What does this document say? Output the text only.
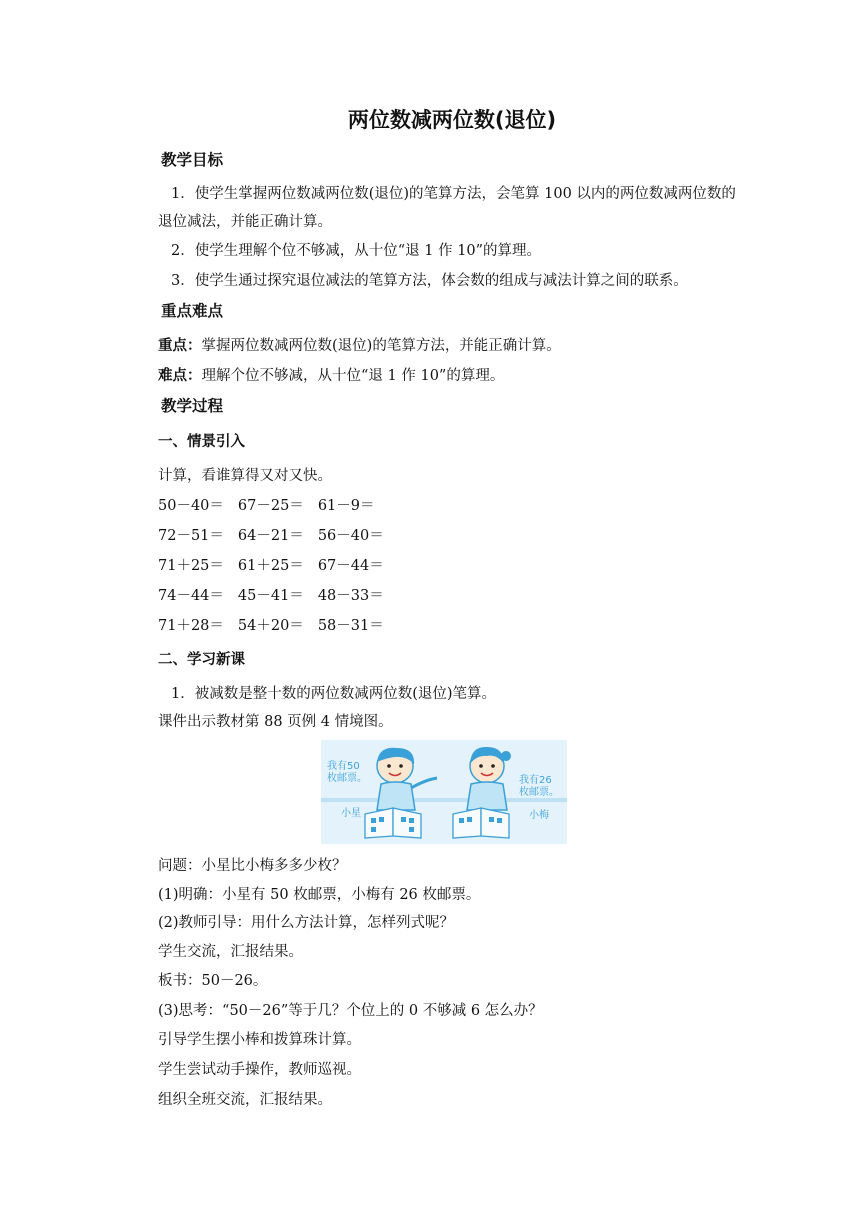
两位数减两位数(退位)
教学目标
1．使学生掌握两位数减两位数(退位)的笔算方法，会笔算 100 以内的两位数减两位数的
退位减法，并能正确计算。
2．使学生理解个位不够减，从十位“退 1 作 10”的算理。
3．使学生通过探究退位减法的笔算方法，体会数的组成与减法计算之间的联系。
重点难点
重点：掌握两位数减两位数(退位)的笔算方法，并能正确计算。
难点：理解个位不够减，从十位“退 1 作 10”的算理。
教学过程
一、情景引入
计算，看谁算得又对又快。
50－40＝ 67－25＝ 61－9＝
72－51＝ 64－21＝ 56－40＝
71＋25＝ 61＋25＝ 67－44＝
74－44＝ 45－41＝ 48－33＝
71＋28＝ 54＋20＝ 58－31＝
二、学习新课
1．被减数是整十数的两位数减两位数(退位)笔算。
课件出示教材第 88 页例 4 情境图。
我有50
枚邮票。	我有26
枚邮票。
小星	小梅
问题：小星比小梅多多少枚？
(1)明确：小星有 50 枚邮票，小梅有 26 枚邮票。
(2)教师引导：用什么方法计算，怎样列式呢？
学生交流，汇报结果。
板书：50－26。
(3)思考：“50－26”等于几？个位上的 0 不够减 6 怎么办？
引导学生摆小棒和拨算珠计算。
学生尝试动手操作，教师巡视。
组织全班交流，汇报结果。
